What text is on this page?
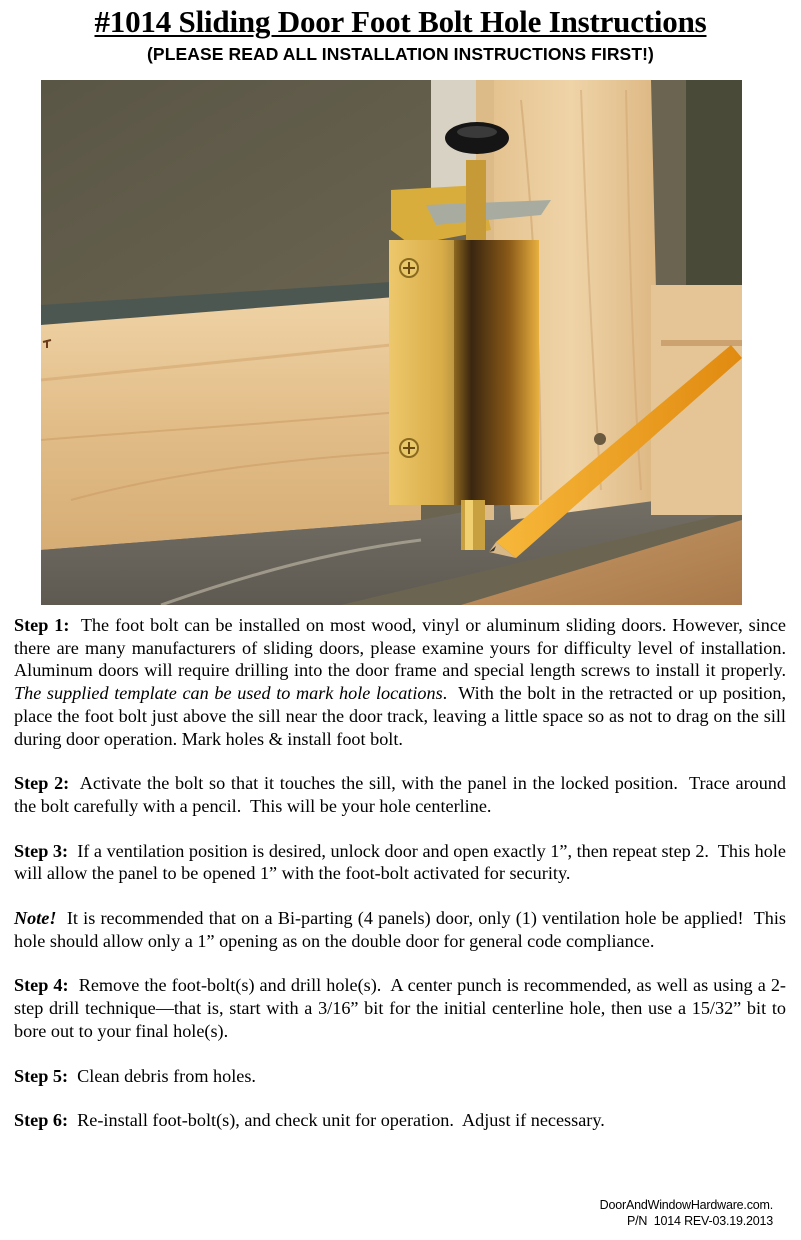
#1014 Sliding Door Foot Bolt Hole Instructions
(PLEASE READ ALL INSTALLATION INSTRUCTIONS FIRST!)

Step 1:  The foot bolt can be installed on most wood, vinyl or aluminum sliding doors. However, since there are many manufacturers of sliding doors, please examine yours for difficulty level of installation. Aluminum doors will require drilling into the door frame and special length screws to install it properly. The supplied template can be used to mark hole locations.  With the bolt in the retracted or up position, place the foot bolt just above the sill near the door track, leaving a little space so as not to drag on the sill during door operation. Mark holes & install foot bolt.

Step 2:  Activate the bolt so that it touches the sill, with the panel in the locked position.  Trace around the bolt carefully with a pencil.  This will be your hole centerline.

Step 3:  If a ventilation position is desired, unlock door and open exactly 1”, then repeat step 2.  This hole will allow the panel to be opened 1” with the foot-bolt activated for security.

Note!  It is recommended that on a Bi-parting (4 panels) door, only (1) ventilation hole be applied!  This hole should allow only a 1” opening as on the double door for general code compliance.

Step 4:  Remove the foot-bolt(s) and drill hole(s).  A center punch is recommended, as well as using a 2-step drill technique—that is, start with a 3/16” bit for the initial centerline hole, then use a 15/32” bit to bore out to your final hole(s).

Step 5:  Clean debris from holes.

Step 6:  Re-install foot-bolt(s), and check unit for operation.  Adjust if necessary.

DoorAndWindowHardware.com.
P/N  1014 REV-03.19.2013
